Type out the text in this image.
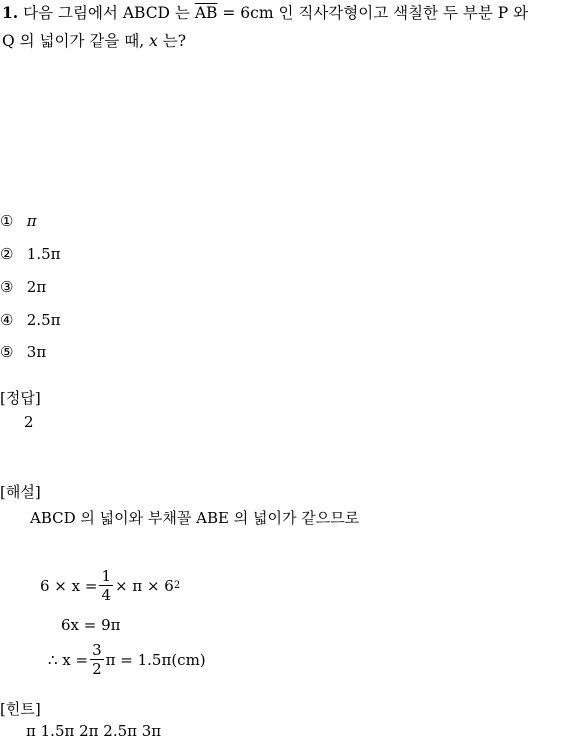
1. 다음 그림에서 ABCD 는 $\overline{AB} = 6cm$ 인 직사각형이고 색칠한 두 부분 P 와
Q 의 넓이가 같을 때, x 는?
① π
② 1.5π
③ 2π
④ 2.5π
⑤ 3π
[정답]
2
[해설]
ABCD 의 넓이와 부채꼴 ABE 의 넓이가 같으므로
$6 \times x = \frac{1}{4} \times \pi \times 6$ 2
6x = 9π
∴ $x = \frac{3}{2}$ π = 1.5π(cm)
[힌트]
π 1.5π 2π 2.5π 3π
